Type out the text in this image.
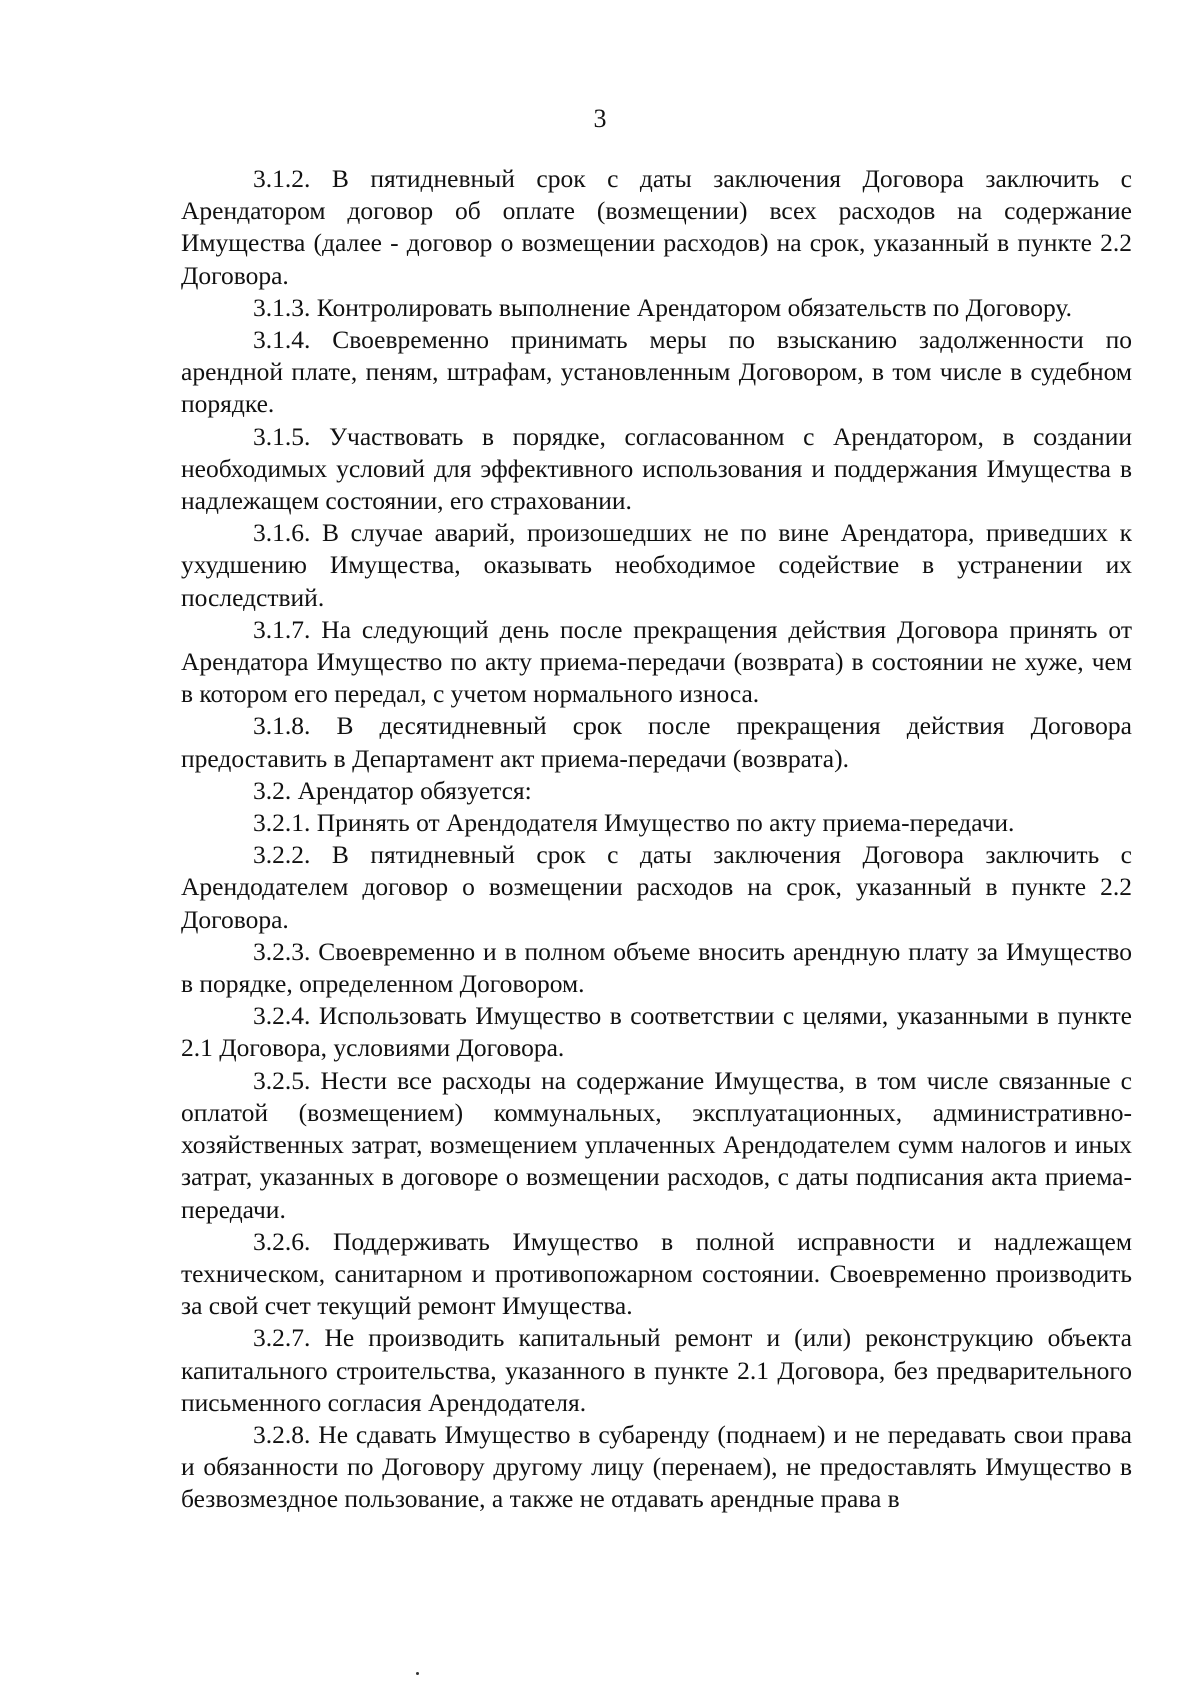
3

3.1.2. В пятидневный срок с даты заключения Договора заключить с Арендатором договор об оплате (возмещении) всех расходов на содержание Имущества (далее - договор о возмещении расходов) на срок, указанный в пункте 2.2 Договора.

3.1.3. Контролировать выполнение Арендатором обязательств по Договору.

3.1.4. Своевременно принимать меры по взысканию задолженности по арендной плате, пеням, штрафам, установленным Договором, в том числе в судебном порядке.

3.1.5. Участвовать в порядке, согласованном с Арендатором, в создании необходимых условий для эффективного использования и поддержания Имущества в надлежащем состоянии, его страховании.

3.1.6. В случае аварий, произошедших не по вине Арендатора, приведших к ухудшению Имущества, оказывать необходимое содействие в устранении их последствий.

3.1.7. На следующий день после прекращения действия Договора принять от Арендатора Имущество по акту приема-передачи (возврата) в состоянии не хуже, чем в котором его передал, с учетом нормального износа.

3.1.8. В десятидневный срок после прекращения действия Договора предоставить в Департамент акт приема-передачи (возврата).

3.2. Арендатор обязуется:

3.2.1. Принять от Арендодателя Имущество по акту приема-передачи.

3.2.2. В пятидневный срок с даты заключения Договора заключить с Арендодателем договор о возмещении расходов на срок, указанный в пункте 2.2 Договора.

3.2.3. Своевременно и в полном объеме вносить арендную плату за Имущество в порядке, определенном Договором.

3.2.4. Использовать Имущество в соответствии с целями, указанными в пункте 2.1 Договора, условиями Договора.

3.2.5. Нести все расходы на содержание Имущества, в том числе связанные с оплатой (возмещением) коммунальных, эксплуатационных, административно-хозяйственных затрат, возмещением уплаченных Арендодателем сумм налогов и иных затрат, указанных в договоре о возмещении расходов, с даты подписания акта приема-передачи.

3.2.6. Поддерживать Имущество в полной исправности и надлежащем техническом, санитарном и противопожарном состоянии. Своевременно производить за свой счет текущий ремонт Имущества.

3.2.7. Не производить капитальный ремонт и (или) реконструкцию объекта капитального строительства, указанного в пункте 2.1 Договора, без предварительного письменного согласия Арендодателя.

3.2.8. Не сдавать Имущество в субаренду (поднаем) и не передавать свои права и обязанности по Договору другому лицу (перенаем), не предоставлять Имущество в безвозмездное пользование, а также не отдавать арендные права в
